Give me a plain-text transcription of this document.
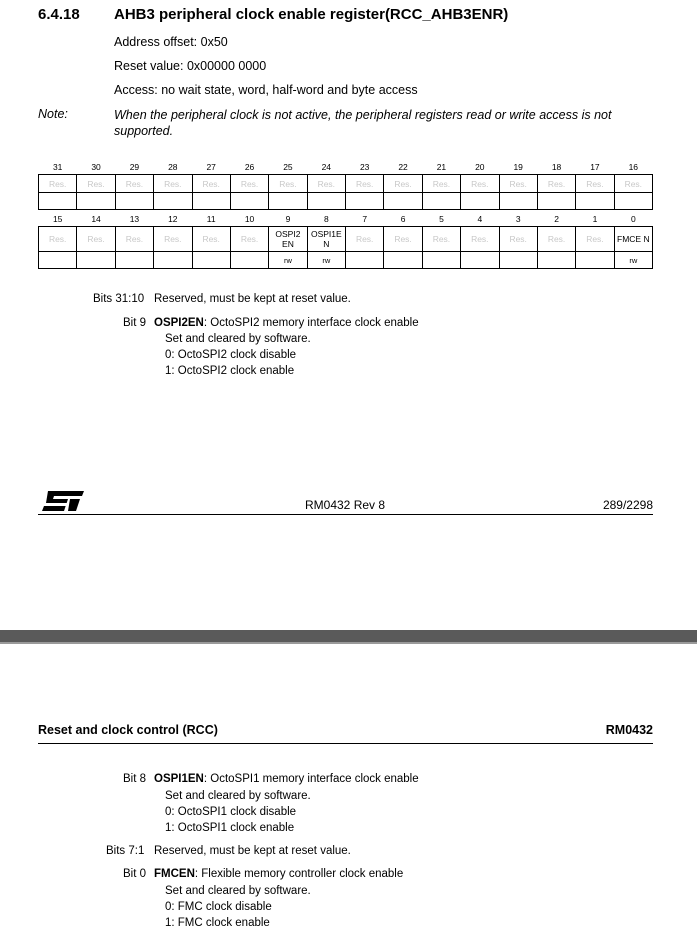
6.4.18 AHB3 peripheral clock enable register(RCC_AHB3ENR)
Address offset: 0x50
Reset value: 0x00000 0000
Access: no wait state, word, half-word and byte access
Note:	When the peripheral clock is not active, the peripheral registers read or write access is not supported.
31	30	29	28	27	26	25	24	23	22	21	20	19	18	17	16
Res.	Res.	Res.	Res.	Res.	Res.	Res.	Res.	Res.	Res.	Res.	Res.	Res.	Res.	Res.	Res.

15	14	13	12	11	10	9	8	7	6	5	4	3	2	1	0
Res.	Res.	Res.	Res.	Res.	Res.	OSPI2 EN	OSPI1E N	Res.	Res.	Res.	Res.	Res.	Res.	Res.	FMCE N
						rw	rw								rw
Bits 31:10 Reserved, must be kept at reset value.
Bit 9 OSPI2EN: OctoSPI2 memory interface clock enable
Set and cleared by software.
0: OctoSPI2 clock disable
1: OctoSPI2 clock enable
RM0432 Rev 8	289/2298
Reset and clock control (RCC)	RM0432
Bit 8 OSPI1EN: OctoSPI1 memory interface clock enable
Set and cleared by software.
0: OctoSPI1 clock disable
1: OctoSPI1 clock enable
Bits 7:1 Reserved, must be kept at reset value.
Bit 0 FMCEN: Flexible memory controller clock enable
Set and cleared by software.
0: FMC clock disable
1: FMC clock enable
